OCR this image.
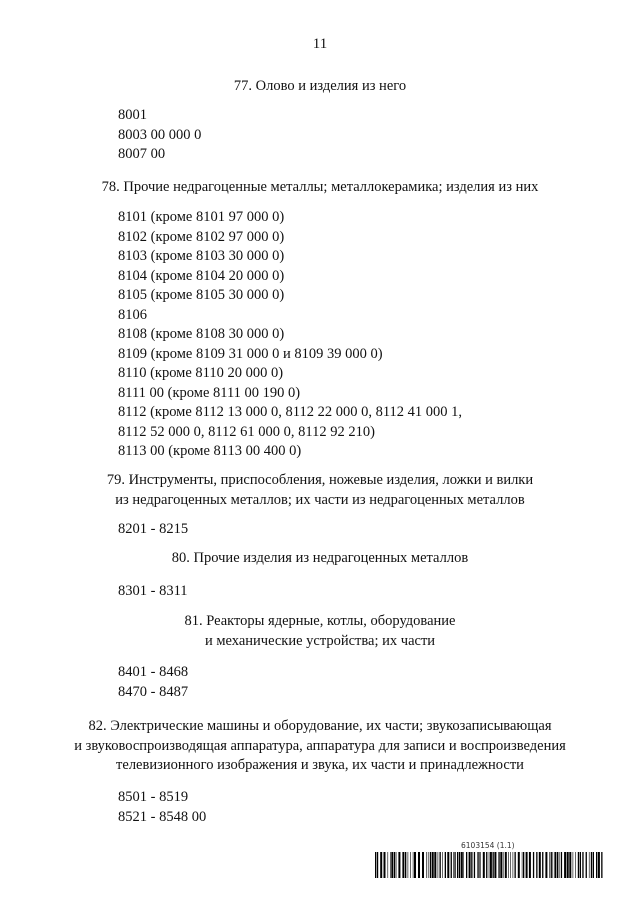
11
77. Олово и изделия из него
8001
8003 00 000 0
8007 00
78. Прочие недрагоценные металлы; металлокерамика; изделия из них
8101 (кроме 8101 97 000 0)
8102 (кроме 8102 97 000 0)
8103 (кроме 8103 30 000 0)
8104 (кроме 8104 20 000 0)
8105 (кроме 8105 30 000 0)
8106
8108 (кроме 8108 30 000 0)
8109 (кроме 8109 31 000 0 и 8109 39 000 0)
8110 (кроме 8110 20 000 0)
8111 00 (кроме 8111 00 190 0)
8112 (кроме 8112 13 000 0, 8112 22 000 0, 8112 41 000 1,
8112 52 000 0, 8112 61 000 0, 8112 92 210)
8113 00 (кроме 8113 00 400 0)
79. Инструменты, приспособления, ножевые изделия, ложки и вилки
из недрагоценных металлов; их части из недрагоценных металлов
8201 - 8215
80. Прочие изделия из недрагоценных металлов
8301 - 8311
81. Реакторы ядерные, котлы, оборудование
и механические устройства; их части
8401 - 8468
8470 - 8487
82. Электрические машины и оборудование, их части; звукозаписывающая
и звуковоспроизводящая аппаратура, аппаратура для записи и воспроизведения
телевизионного изображения и звука, их части и принадлежности
8501 - 8519
8521 - 8548 00
6103154 (1.1)
